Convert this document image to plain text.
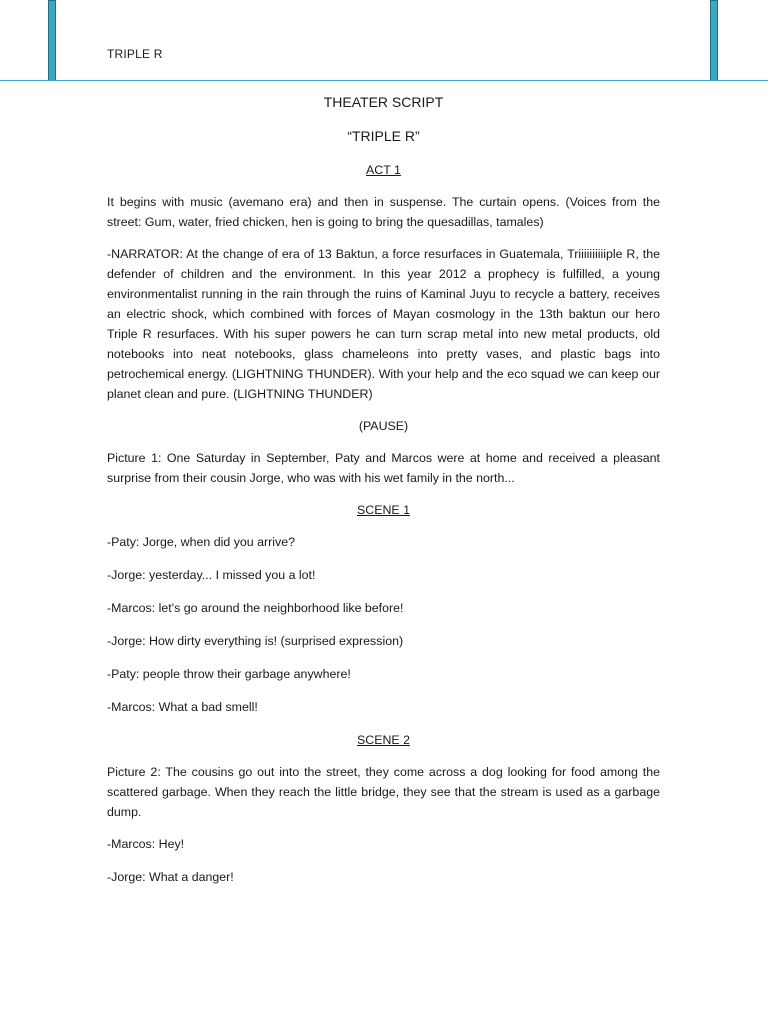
TRIPLE R
THEATER SCRIPT
“TRIPLE R”
ACT 1

It begins with music (avemano era) and then in suspense. The curtain opens. (Voices from the street: Gum, water, fried chicken, hen is going to bring the quesadillas, tamales)

-NARRATOR: At the change of era of 13 Baktun, a force resurfaces in Guatemala, Triiiiiiiiiiple R, the defender of children and the environment. In this year 2012 a prophecy is fulfilled, a young environmentalist running in the rain through the ruins of Kaminal Juyu to recycle a battery, receives an electric shock, which combined with forces of Mayan cosmology in the 13th baktun our hero Triple R resurfaces. With his super powers he can turn scrap metal into new metal products, old notebooks into neat notebooks, glass chameleons into pretty vases, and plastic bags into petrochemical energy. (LIGHTNING THUNDER). With your help and the eco squad we can keep our planet clean and pure. (LIGHTNING THUNDER)

(PAUSE)

Picture 1: One Saturday in September, Paty and Marcos were at home and received a pleasant surprise from their cousin Jorge, who was with his wet family in the north...

SCENE 1
-Paty: Jorge, when did you arrive?
-Jorge: yesterday... I missed you a lot!
-Marcos: let's go around the neighborhood like before!
-Jorge: How dirty everything is! (surprised expression)
-Paty: people throw their garbage anywhere!
-Marcos: What a bad smell!
SCENE 2

Picture 2: The cousins go out into the street, they come across a dog looking for food among the scattered garbage. When they reach the little bridge, they see that the stream is used as a garbage dump.

-Marcos: Hey!
-Jorge: What a danger!
